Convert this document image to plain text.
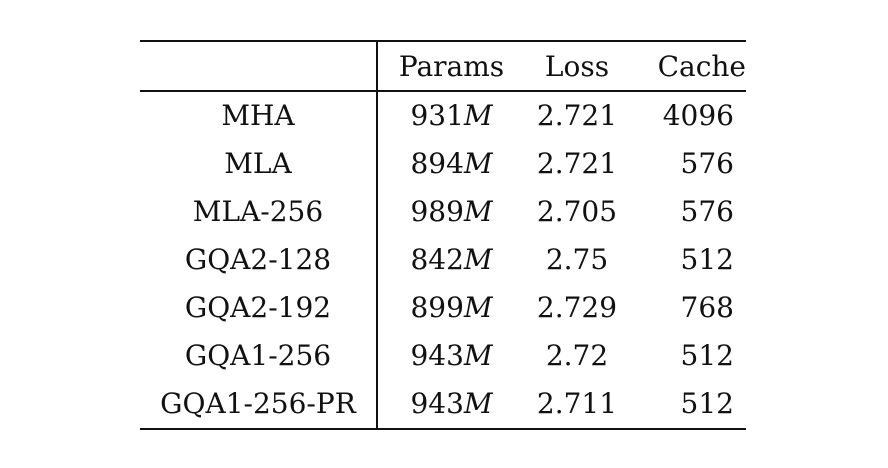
	Params	Loss	Cache
MHA	931M	2.721	4096
MLA	894M	2.721	576
MLA-256	989M	2.705	576
GQA2-128	842M	2.75	512
GQA2-192	899M	2.729	768
GQA1-256	943M	2.72	512
GQA1-256-PR	943M	2.711	512
